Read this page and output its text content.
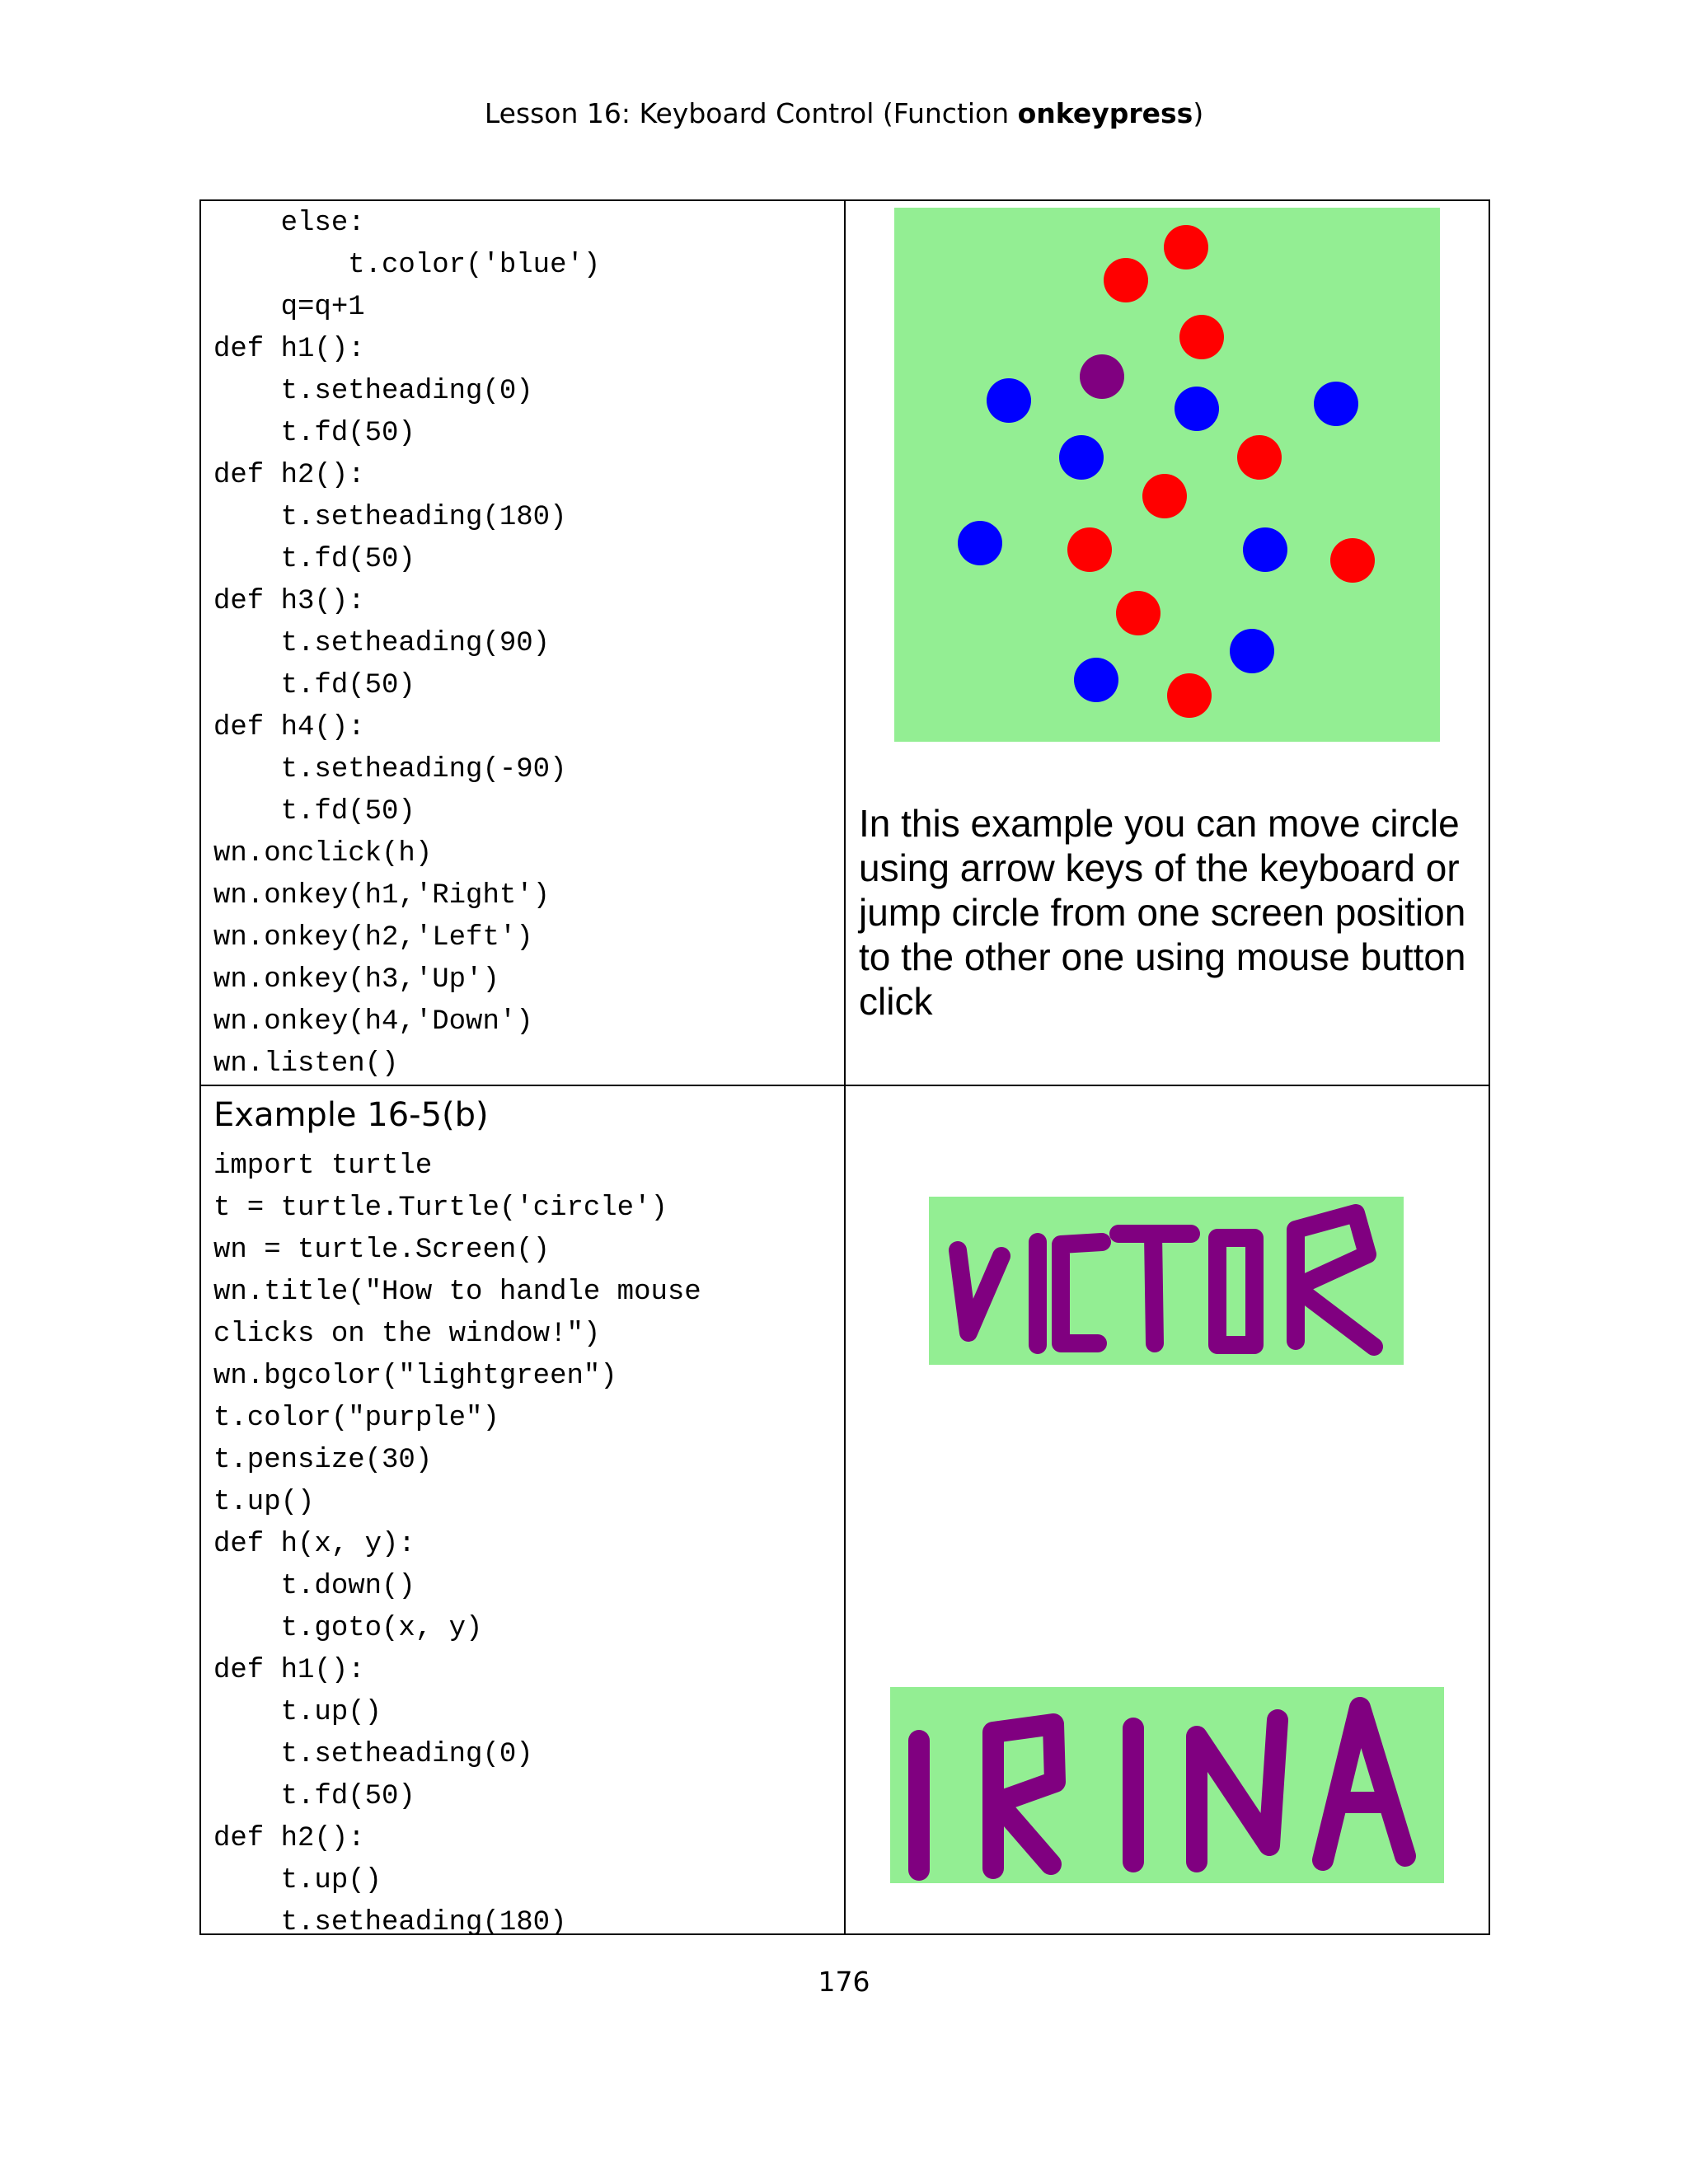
Lesson 16: Keyboard Control (Function onkeypress)
else:
t.color('blue')
q=q+1
def h1():
t.setheading(0)
t.fd(50)
def h2():
t.setheading(180)
t.fd(50)
def h3():
t.setheading(90)
t.fd(50)
def h4():
t.setheading(-90)
t.fd(50)
wn.onclick(h)
wn.onkey(h1,'Right')
wn.onkey(h2,'Left')
wn.onkey(h3,'Up')
wn.onkey(h4,'Down')
wn.listen()
In this example you can move circle using arrow keys of the keyboard or jump circle from one screen position to the other one using mouse button click
Example 16-5(b)
import turtle
t = turtle.Turtle('circle')
wn = turtle.Screen()
wn.title("How to handle mouse
clicks on the window!")
wn.bgcolor("lightgreen")
t.color("purple")
t.pensize(30)
t.up()
def h(x, y):
t.down()
t.goto(x, y)
def h1():
t.up()
t.setheading(0)
t.fd(50)
def h2():
t.up()
t.setheading(180)
176
